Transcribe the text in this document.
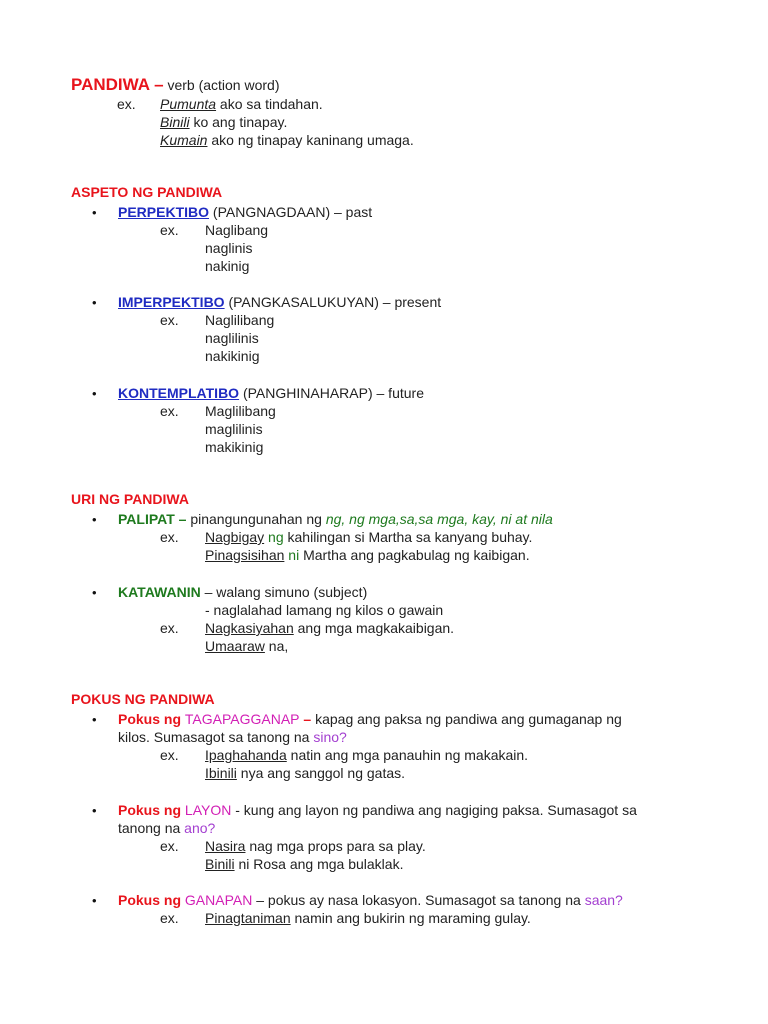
PANDIWA – verb (action word)
ex. Pumunta ako sa tindahan.
Binili ko ang tinapay.
Kumain ako ng tinapay kaninang umaga.
ASPETO NG PANDIWA
• PERPEKTIBO (PANGNAGDAAN) – past
ex. Naglibang
naglinis
nakinig
• IMPERPEKTIBO (PANGKASALUKUYAN) – present
ex. Naglilibang
naglilinis
nakikinig
• KONTEMPLATIBO (PANGHINAHARAP) – future
ex. Maglilibang
maglilinis
makikinig
URI NG PANDIWA
• PALIPAT – pinangungunahan ng ng, ng mga,sa,sa mga, kay, ni at nila
ex. Nagbigay ng kahilingan si Martha sa kanyang buhay.
Pinagsisihan ni Martha ang pagkabulag ng kaibigan.
• KATAWANIN – walang simuno (subject)
- naglalahad lamang ng kilos o gawain
ex. Nagkasiyahan ang mga magkakaibigan.
Umaaraw na,
POKUS NG PANDIWA
• Pokus ng TAGAPAGGANAP – kapag ang paksa ng pandiwa ang gumaganap ng
kilos. Sumasagot sa tanong na sino?
ex. Ipaghahanda natin ang mga panauhin ng makakain.
Ibinili nya ang sanggol ng gatas.
• Pokus ng LAYON - kung ang layon ng pandiwa ang nagiging paksa. Sumasagot sa
tanong na ano?
ex. Nasira nag mga props para sa play.
Binili ni Rosa ang mga bulaklak.
• Pokus ng GANAPAN – pokus ay nasa lokasyon. Sumasagot sa tanong na saan?
ex. Pinagtaniman namin ang bukirin ng maraming gulay.
